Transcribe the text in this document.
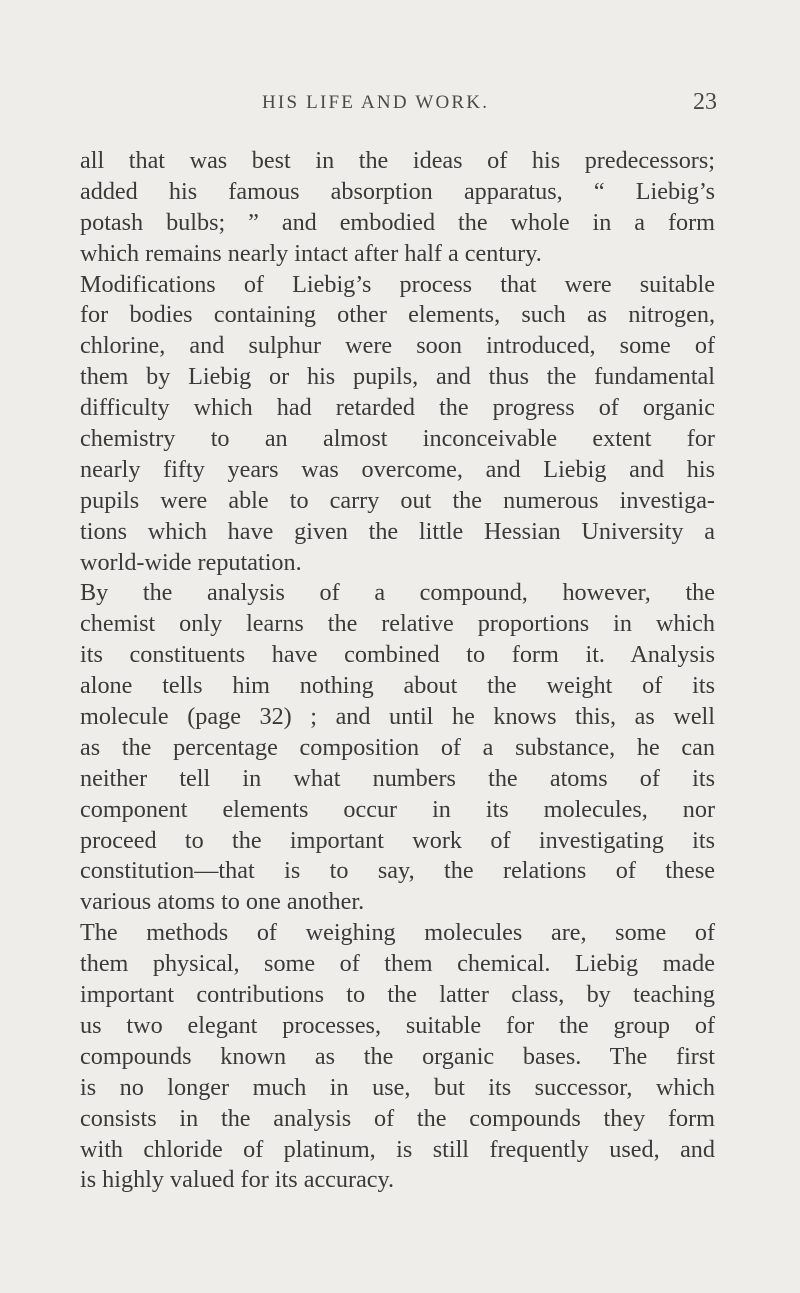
HIS LIFE AND WORK.	23
all that was best in the ideas of his predecessors;
added his famous absorption apparatus, “ Liebig’s
potash bulbs; ” and embodied the whole in a form
which remains nearly intact after half a century.
Modifications of Liebig’s process that were suitable
for bodies containing other elements, such as nitrogen,
chlorine, and sulphur were soon introduced, some of
them by Liebig or his pupils, and thus the fundamental
difficulty which had retarded the progress of organic
chemistry to an almost inconceivable extent for
nearly fifty years was overcome, and Liebig and his
pupils were able to carry out the numerous investiga-
tions which have given the little Hessian University a
world-wide reputation.
By the analysis of a compound, however, the
chemist only learns the relative proportions in which
its constituents have combined to form it. Analysis
alone tells him nothing about the weight of its
molecule (page 32) ; and until he knows this, as well
as the percentage composition of a substance, he can
neither tell in what numbers the atoms of its
component elements occur in its molecules, nor
proceed to the important work of investigating its
constitution—that is to say, the relations of these
various atoms to one another.
The methods of weighing molecules are, some of
them physical, some of them chemical. Liebig made
important contributions to the latter class, by teaching
us two elegant processes, suitable for the group of
compounds known as the organic bases. The first
is no longer much in use, but its successor, which
consists in the analysis of the compounds they form
with chloride of platinum, is still frequently used, and
is highly valued for its accuracy.
